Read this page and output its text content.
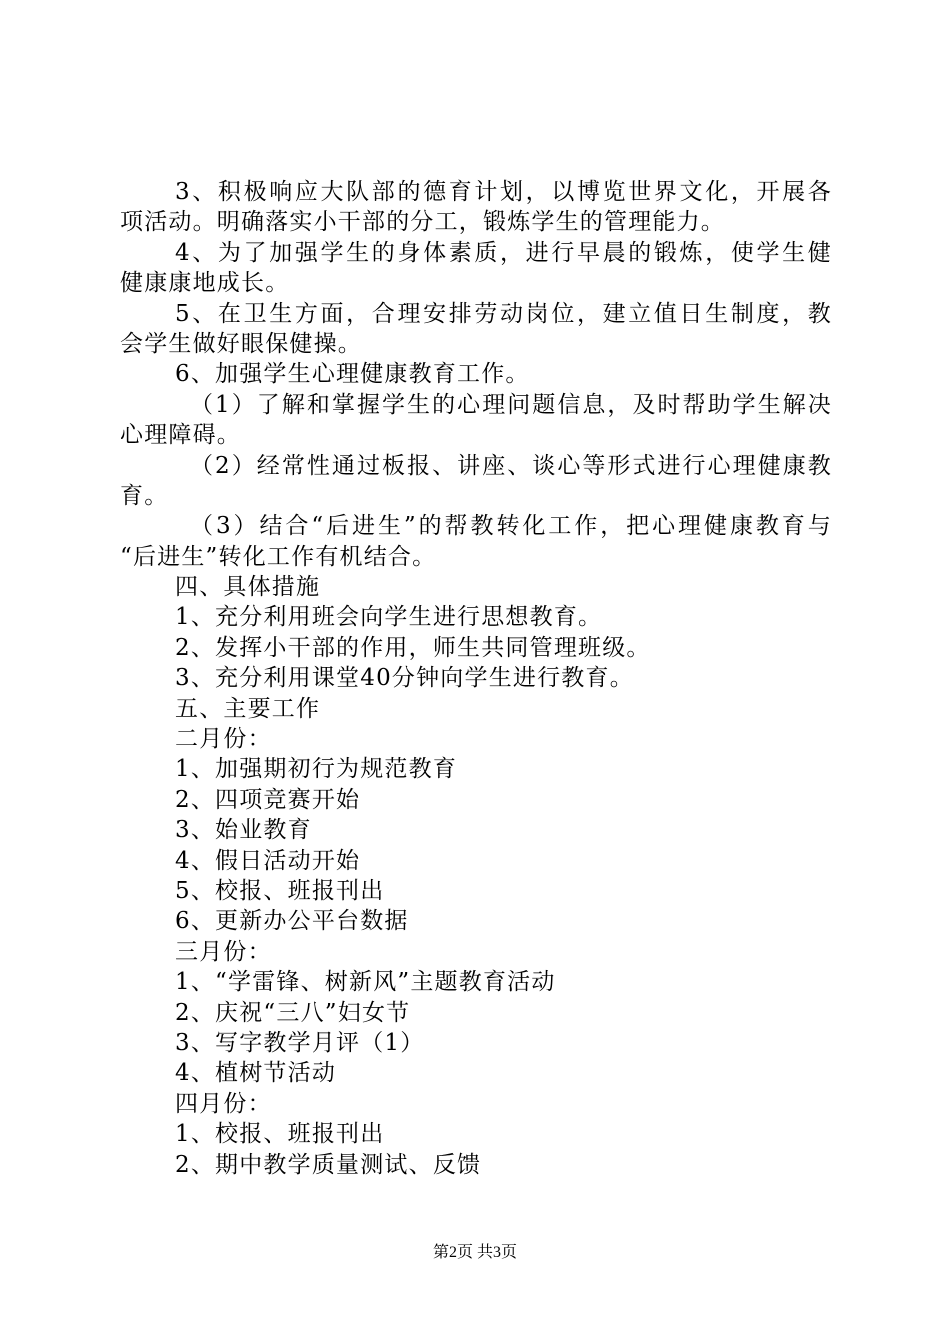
3、积极响应大队部的德育计划，以博览世界文化，开展各
项活动。明确落实小干部的分工，锻炼学生的管理能力。
4、为了加强学生的身体素质，进行早晨的锻炼，使学生健
健康康地成长。
5、在卫生方面，合理安排劳动岗位，建立值日生制度，教
会学生做好眼保健操。
6、加强学生心理健康教育工作。
（1）了解和掌握学生的心理问题信息，及时帮助学生解决
心理障碍。
（2）经常性通过板报、讲座、谈心等形式进行心理健康教
育。
（3）结合“后进生”的帮教转化工作，把心理健康教育与
“后进生”转化工作有机结合。
四、具体措施
1、充分利用班会向学生进行思想教育。
2、发挥小干部的作用，师生共同管理班级。
3、充分利用课堂40分钟向学生进行教育。
五、主要工作
二月份：
1、加强期初行为规范教育
2、四项竞赛开始
3、始业教育
4、假日活动开始
5、校报、班报刊出
6、更新办公平台数据
三月份：
1、“学雷锋、树新风”主题教育活动
2、庆祝“三八”妇女节
3、写字教学月评（1）
4、植树节活动
四月份：
1、校报、班报刊出
2、期中教学质量测试、反馈
第2页 共3页
